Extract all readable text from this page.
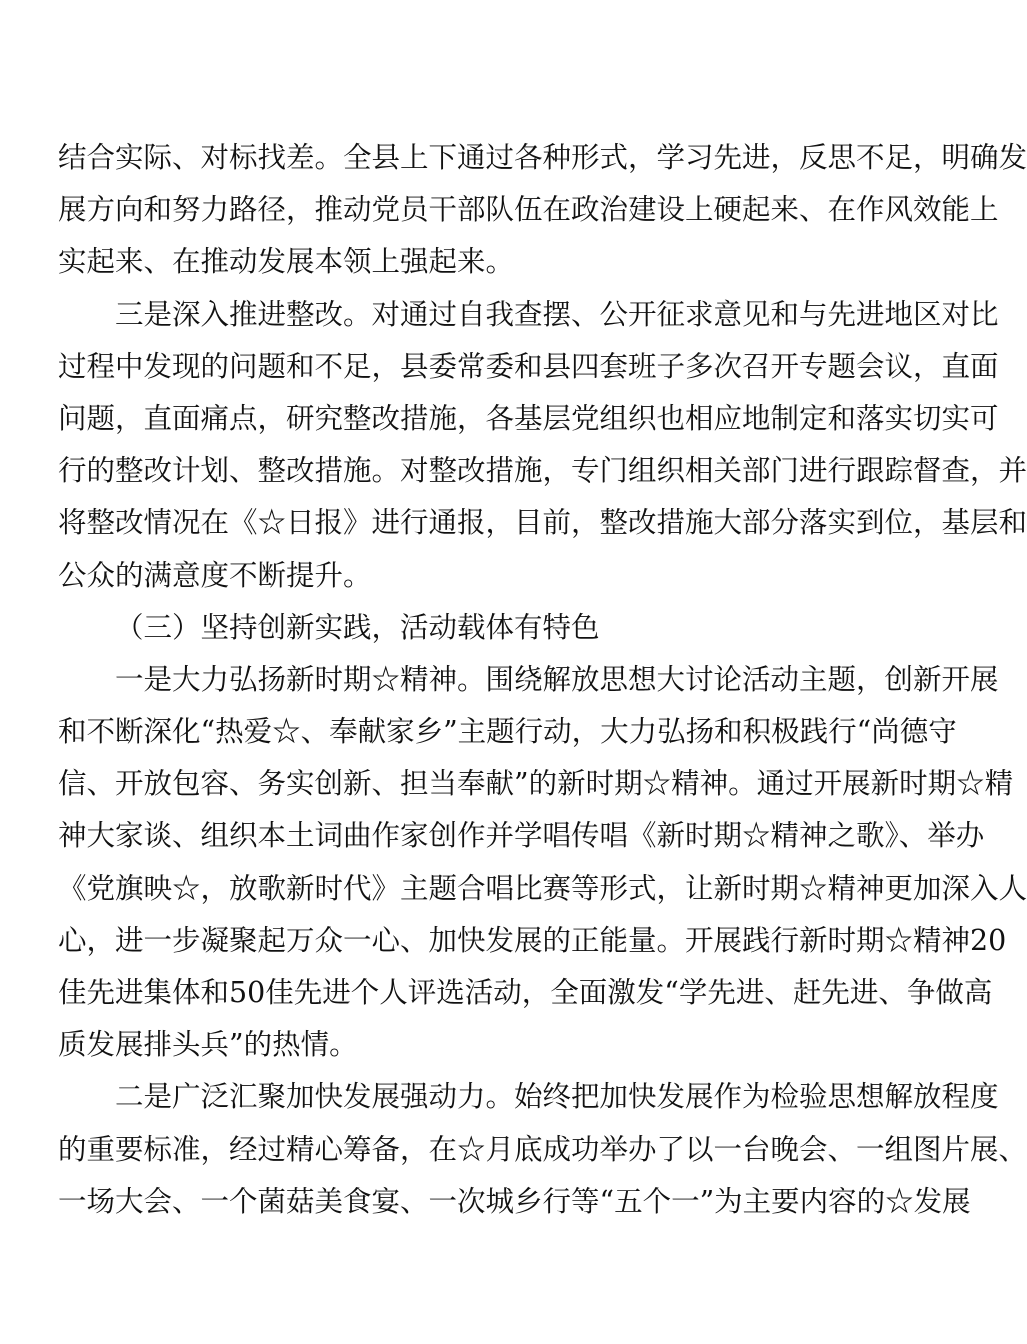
结合实际、对标找差。全县上下通过各种形式，学习先进，反思不足，明确发
展方向和努力路径，推动党员干部队伍在政治建设上硬起来、在作风效能上
实起来、在推动发展本领上强起来。
三是深入推进整改。对通过自我查摆、公开征求意见和与先进地区对比
过程中发现的问题和不足，县委常委和县四套班子多次召开专题会议，直面
问题，直面痛点，研究整改措施，各基层党组织也相应地制定和落实切实可
行的整改计划、整改措施。对整改措施，专门组织相关部门进行跟踪督查，并
将整改情况在《☆日报》进行通报，目前，整改措施大部分落实到位，基层和
公众的满意度不断提升。
（三）坚持创新实践，活动载体有特色
一是大力弘扬新时期☆精神。围绕解放思想大讨论活动主题，创新开展
和不断深化“热爱☆、奉献家乡”主题行动，大力弘扬和积极践行“尚德守
信、开放包容、务实创新、担当奉献”的新时期☆精神。通过开展新时期☆精
神大家谈、组织本土词曲作家创作并学唱传唱《新时期☆精神之歌》、举办
《党旗映☆，放歌新时代》主题合唱比赛等形式，让新时期☆精神更加深入人
心，进一步凝聚起万众一心、加快发展的正能量。开展践行新时期☆精神20
佳先进集体和50佳先进个人评选活动，全面激发“学先进、赶先进、争做高
质发展排头兵”的热情。
二是广泛汇聚加快发展强动力。始终把加快发展作为检验思想解放程度
的重要标准，经过精心筹备，在☆月底成功举办了以一台晚会、一组图片展、
一场大会、一个菌菇美食宴、一次城乡行等“五个一”为主要内容的☆发展
